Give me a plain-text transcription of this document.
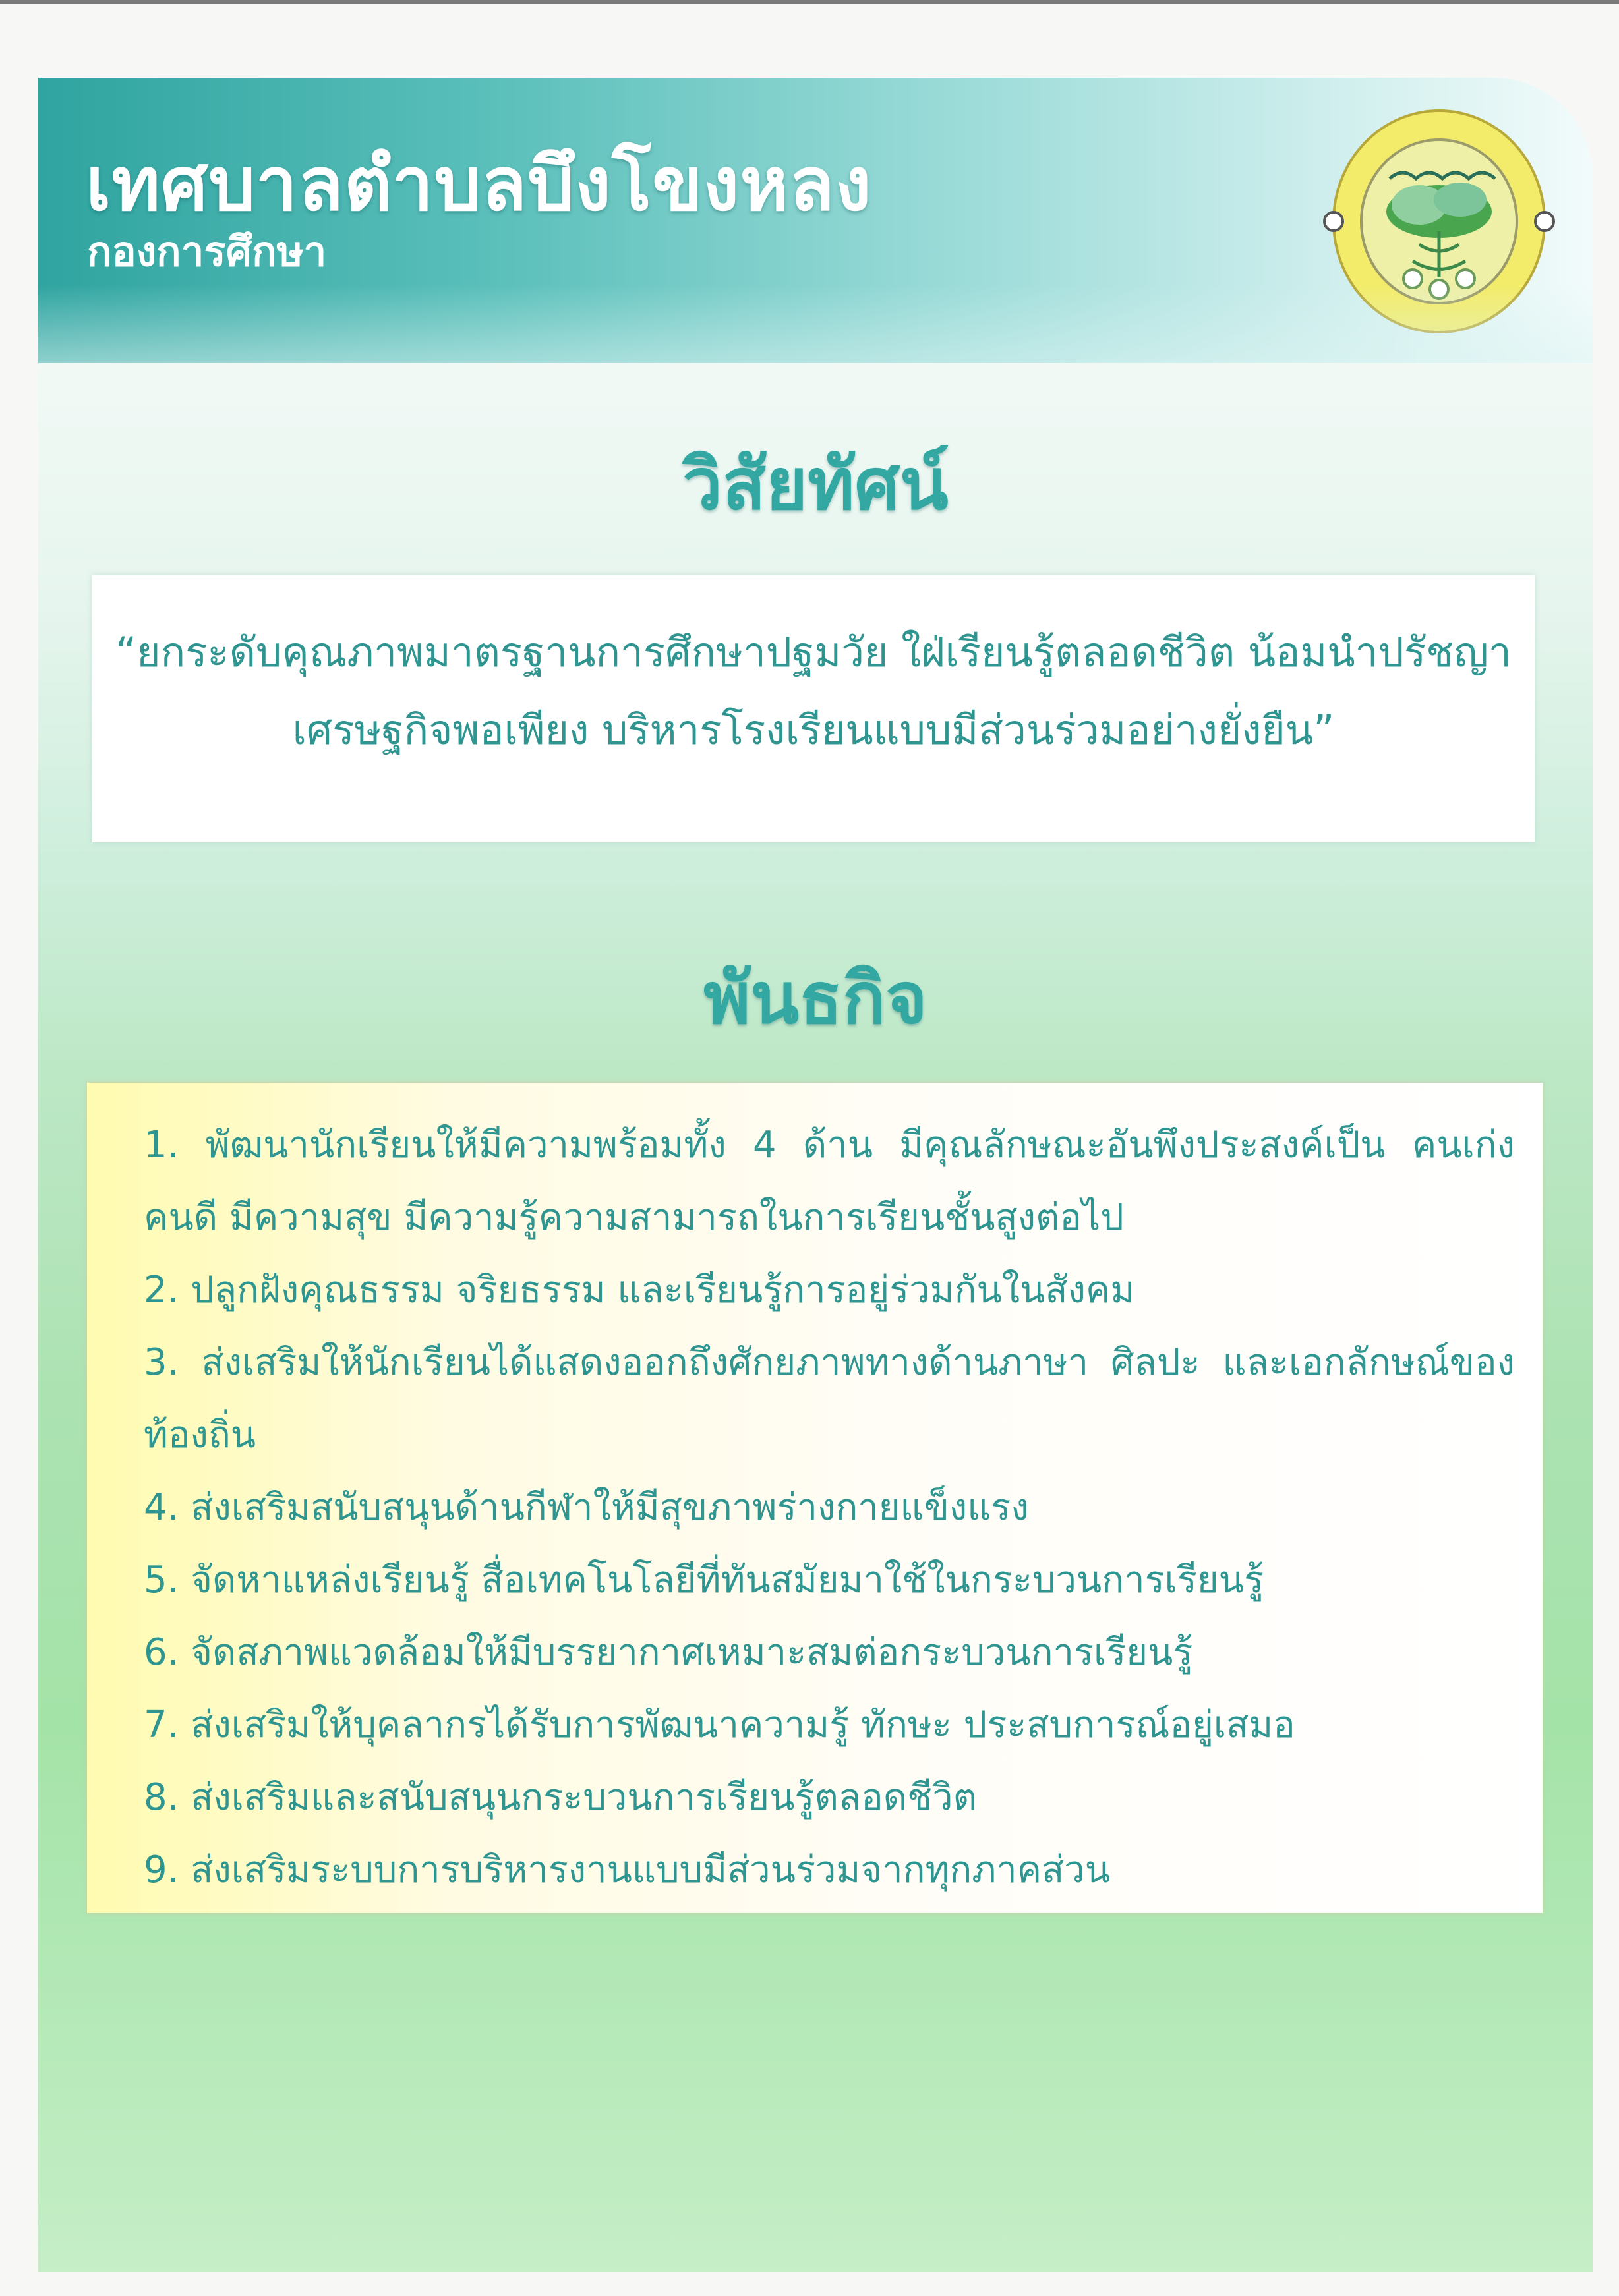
เทศบาลตำบลบึงโขงหลง
กองการศึกษา
วิสัยทัศน์

“ยกระดับคุณภาพมาตรฐานการศึกษาปฐมวัย ใฝ่เรียนรู้ตลอดชีวิต น้อมนำปรัชญาเศรษฐกิจพอเพียง บริหารโรงเรียนแบบมีส่วนร่วมอย่างยั่งยืน”

พันธกิจ
1. พัฒนานักเรียนให้มีความพร้อมทั้ง 4 ด้าน มีคุณลักษณะอันพึงประสงค์เป็น คนเก่ง คนดี มีความสุข มีความรู้ความสามารถในการเรียนชั้นสูงต่อไป
2. ปลูกฝังคุณธรรม จริยธรรม และเรียนรู้การอยู่ร่วมกันในสังคม
3. ส่งเสริมให้นักเรียนได้แสดงออกถึงศักยภาพทางด้านภาษา ศิลปะ และเอกลักษณ์ของท้องถิ่น
4. ส่งเสริมสนับสนุนด้านกีฬาให้มีสุขภาพร่างกายแข็งแรง
5. จัดหาแหล่งเรียนรู้ สื่อเทคโนโลยีที่ทันสมัยมาใช้ในกระบวนการเรียนรู้
6. จัดสภาพแวดล้อมให้มีบรรยากาศเหมาะสมต่อกระบวนการเรียนรู้
7. ส่งเสริมให้บุคลากรได้รับการพัฒนาความรู้ ทักษะ ประสบการณ์อยู่เสมอ
8. ส่งเสริมและสนับสนุนกระบวนการเรียนรู้ตลอดชีวิต
9. ส่งเสริมระบบการบริหารงานแบบมีส่วนร่วมจากทุกภาคส่วน
